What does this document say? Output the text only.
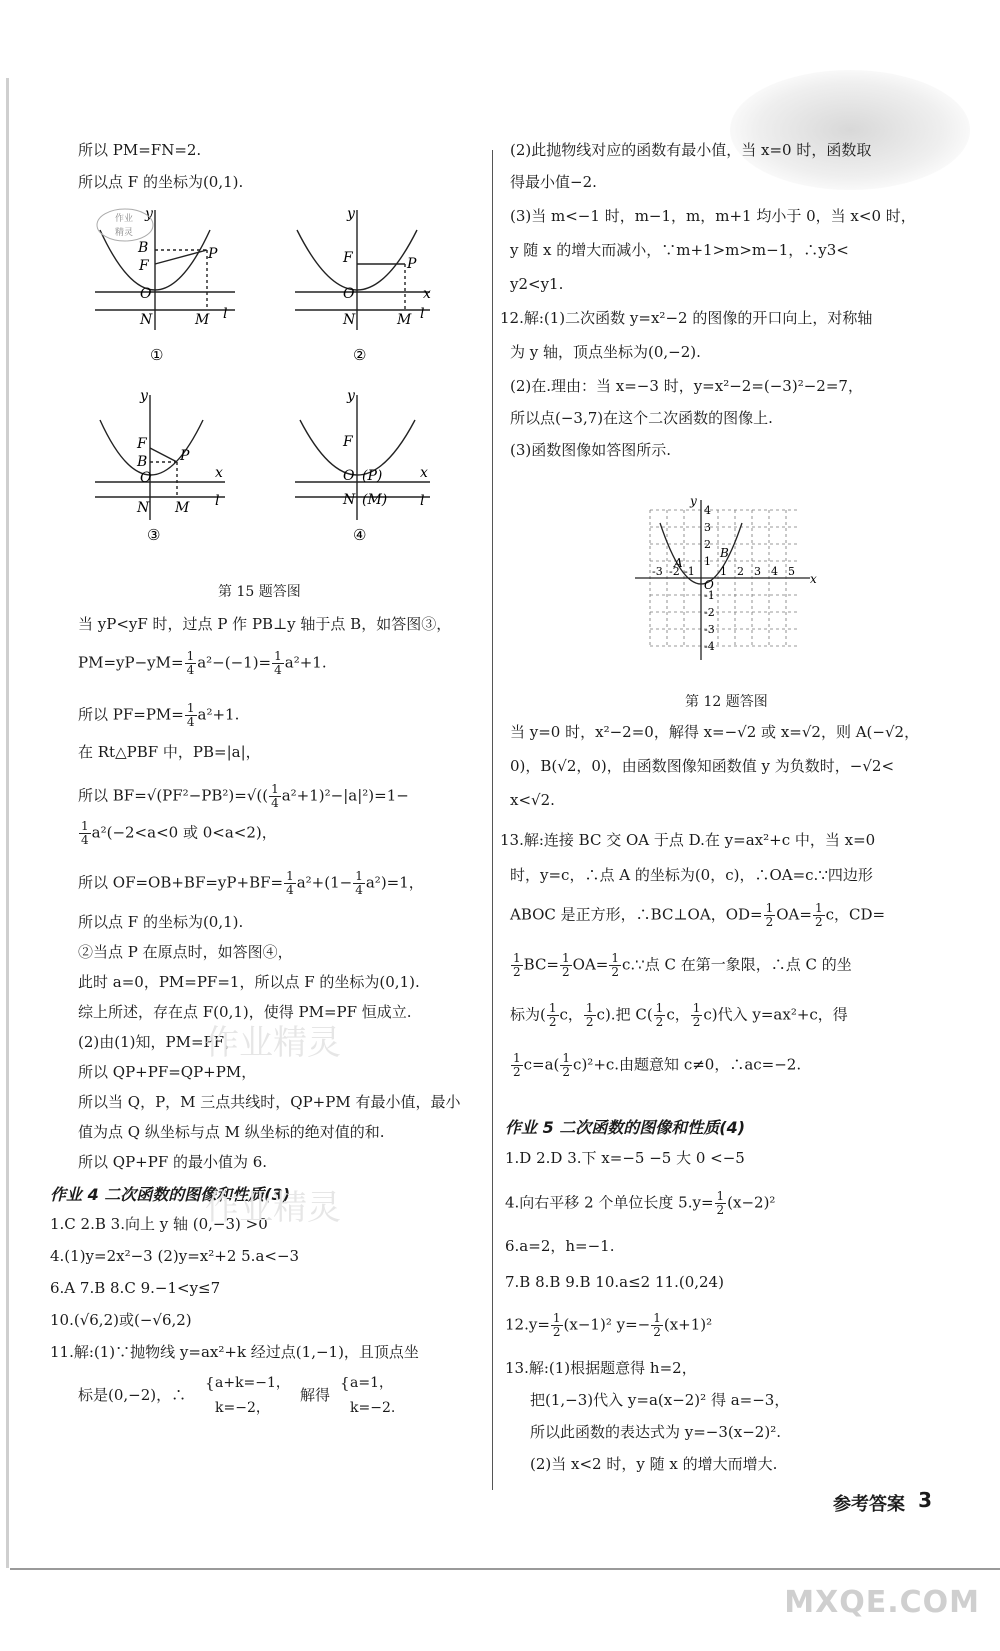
所以 PM=FN=2.
所以点 F 的坐标为(0,1).
B
F
P
O
N	M l
y
①
F	P
O
N	M l
y
x
②
F
B P
O
N M l
x
y
③
F
O (P)
N (M) l
x
y
④
作业
精灵
第 15 题答图
当 yP<yF 时，过点 P 作 PB⊥y 轴于点 B，如答图③，
$PM=yP-yM= \frac{1}{4} a^2-(-1)= \frac{1}{4} a^2+1$.
所以 $PF=PM= \frac{1}{4} a^2+1$.
在 Rt△PBF 中，PB=|a|，
所以 $BF=√(PF^2-PB^2)=√(( \frac{1}{4} a^2+1)^2-|a|^2)=1-$
$\frac{1}{4} a^2(-2<a<0$ 或 0<a<2)，
所以 $OF=OB+BF=yP+BF= \frac{1}{4} a^2+(1- \frac{1}{4} a^2)=1$，
所以点 F 的坐标为(0,1).
②当点 P 在原点时，如答图④，
此时 a=0，PM=PF=1，所以点 F 的坐标为(0,1).
综上所述，存在点 F(0,1)，使得 PM=PF 恒成立.
(2)由(1)知，PM=PF，
所以 QP+PF=QP+PM，
所以当 Q，P，M 三点共线时，QP+PM 有最小值，最小
值为点 Q 纵坐标与点 M 纵坐标的绝对值的和.
所以 QP+PF 的最小值为 6.
作业 4 二次函数的图像和性质(3)
1.C 2.B 3.向上 y 轴 (0,−3) >0
4.(1)y=2x²−3 (2)y=x²+2 5.a<−3
6.A 7.B 8.C 9.−1<y≤7
10.(√6,2)或(−√6,2)
11.解:(1)∵抛物线 y=ax²+k 经过点(1,−1)，且顶点坐
标是(0,−2)，∴
{ a+k=−1，
k=−2，
解得
{ a=1，
k=−2.
(2)此抛物线对应的函数有最小值，当 x=0 时，函数取
得最小值−2.
(3)当 m<−1 时，m−1，m，m+1 均小于 0，当 x<0 时，
y 随 x 的增大而减小，∵m+1>m>m−1，∴y3<
y2<y1.
12.解:(1)二次函数 y=x²−2 的图像的开口向上，对称轴
为 y 轴，顶点坐标为(0,−2).
(2)在.理由：当 x=−3 时，y=x²−2=(−3)²−2=7，
所以点(−3,7)在这个二次函数的图像上.
(3)函数图像如答图所示.
-3 -2 -1 1 2 3 4 5
4
3
2
1
-1
-2
-3
-4
A
B
O	x
y
第 12 题答图
当 y=0 时，x²−2=0，解得 x=−√2 或 x=√2，则 A(−√2，
0)，B(√2，0)，由函数图像知函数值 y 为负数时，−√2<
x<√2.
13.解:连接 BC 交 OA 于点 D.在 y=ax²+c 中，当 x=0
时，y=c，∴点 A 的坐标为(0，c)，∴OA=c.∵四边形
ABOC 是正方形，∴BC⊥OA，$OD= \frac{1}{2} OA= \frac{1}{2}$ c，CD=
$\frac{1}{2} BC= \frac{1}{2} OA= \frac{1}{2}$ c.∵点 C 在第一象限，∴点 C 的坐
标为( $\frac{1}{2}$ c， $\frac{1}{2} c$).把 $C( \frac{1}{2}$ c， $\frac{1}{2} c$)代入 y=ax²+c，得
$\frac{1}{2} c=a( \frac{1}{2} c)^2+c$.由题意知 c≠0，∴ac=−2.
作业 5 二次函数的图像和性质(4)
1.D 2.D 3.下 x=−5 −5 大 0 <−5
4.向右平移 2 个单位长度 $5.y= \frac{1}{2} (x-2)^2$
6.a=2，h=−1.
7.B 8.B 9.B 10.a≤2 11.(0,24)
$12.y= \frac{1}{2} (x-1)^2$ $y=- \frac{1}{2} (x+1)^2$
13.解:(1)根据题意得 h=2，
把(1,−3)代入 y=a(x−2)² 得 a=−3，
所以此函数的表达式为 y=−3(x−2)².
(2)当 x<2 时，y 随 x 的增大而增大.
作业精灵
作业精灵
参考答案 3
MXQE.COM
